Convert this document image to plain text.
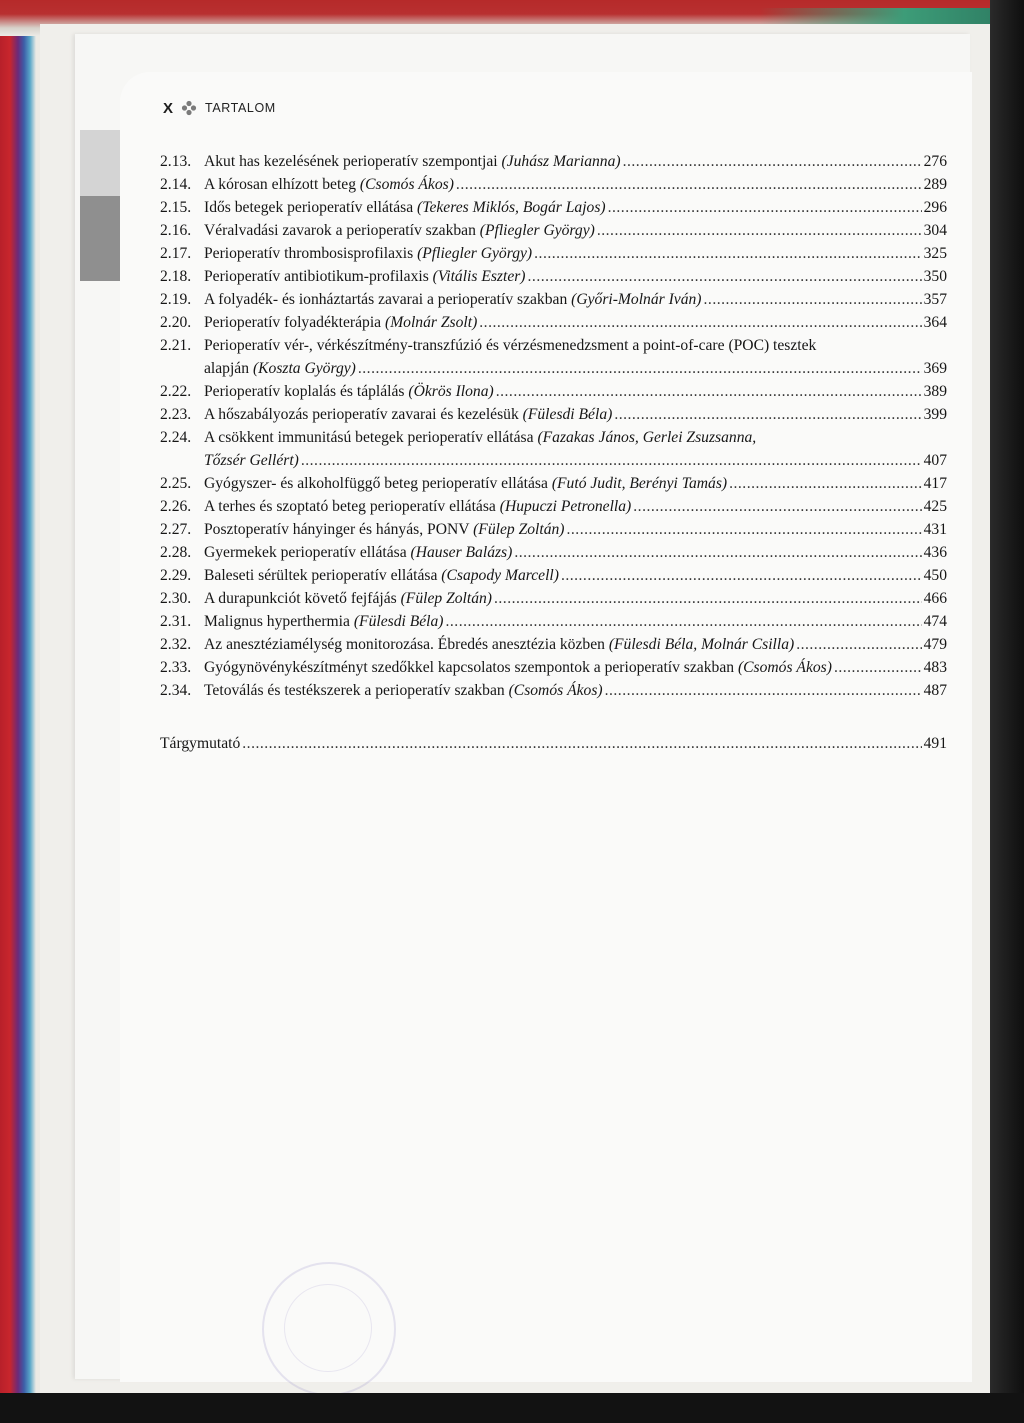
X	TARTALOM
2.13. Akut has kezelésének perioperatív szempontjai (Juhász Marianna) .....	276
2.14. A kórosan elhízott beteg (Csomós Ákos) .....	289
2.15. Idős betegek perioperatív ellátása (Tekeres Miklós, Bogár Lajos) .....	296
2.16. Véralvadási zavarok a perioperatív szakban (Pfliegler György) .....	304
2.17. Perioperatív thrombosisprofilaxis (Pfliegler György) .....	325
2.18. Perioperatív antibiotikum-profilaxis (Vitális Eszter) .....	350
2.19. A folyadék- és ionháztartás zavarai a perioperatív szakban (Győri-Molnár Iván) .....	357
2.20. Perioperatív folyadékterápia (Molnár Zsolt) .....	364
2.21. Perioperatív vér-, vérkészítmény-transzfúzió és vérzésmenedzsment a point-of-care (POC) tesztek
alapján (Koszta György) .....	369
2.22. Perioperatív koplalás és táplálás (Ökrös Ilona) .....	389
2.23. A hőszabályozás perioperatív zavarai és kezelésük (Fülesdi Béla) .....	399
2.24. A csökkent immunitású betegek perioperatív ellátása (Fazakas János, Gerlei Zsuzsanna,
Tőzsér Gellért) .....	407
2.25. Gyógyszer- és alkoholfüggő beteg perioperatív ellátása (Futó Judit, Berényi Tamás) .....	417
2.26. A terhes és szoptató beteg perioperatív ellátása (Hupuczi Petronella) .....	425
2.27. Posztoperatív hányinger és hányás, PONV (Fülep Zoltán) .....	431
2.28. Gyermekek perioperatív ellátása (Hauser Balázs) .....	436
2.29. Baleseti sérültek perioperatív ellátása (Csapody Marcell) .....	450
2.30. A durapunkciót követő fejfájás (Fülep Zoltán) .....	466
2.31. Malignus hyperthermia (Fülesdi Béla) .....	474
2.32. Az anesztéziamélység monitorozása. Ébredés anesztézia közben (Fülesdi Béla, Molnár Csilla) .....	479
2.33. Gyógynövénykészítményt szedőkkel kapcsolatos szempontok a perioperatív szakban (Csomós Ákos) .....	483
2.34. Tetoválás és testékszerek a perioperatív szakban (Csomós Ákos) .....	487
Tárgymutató .....	491
